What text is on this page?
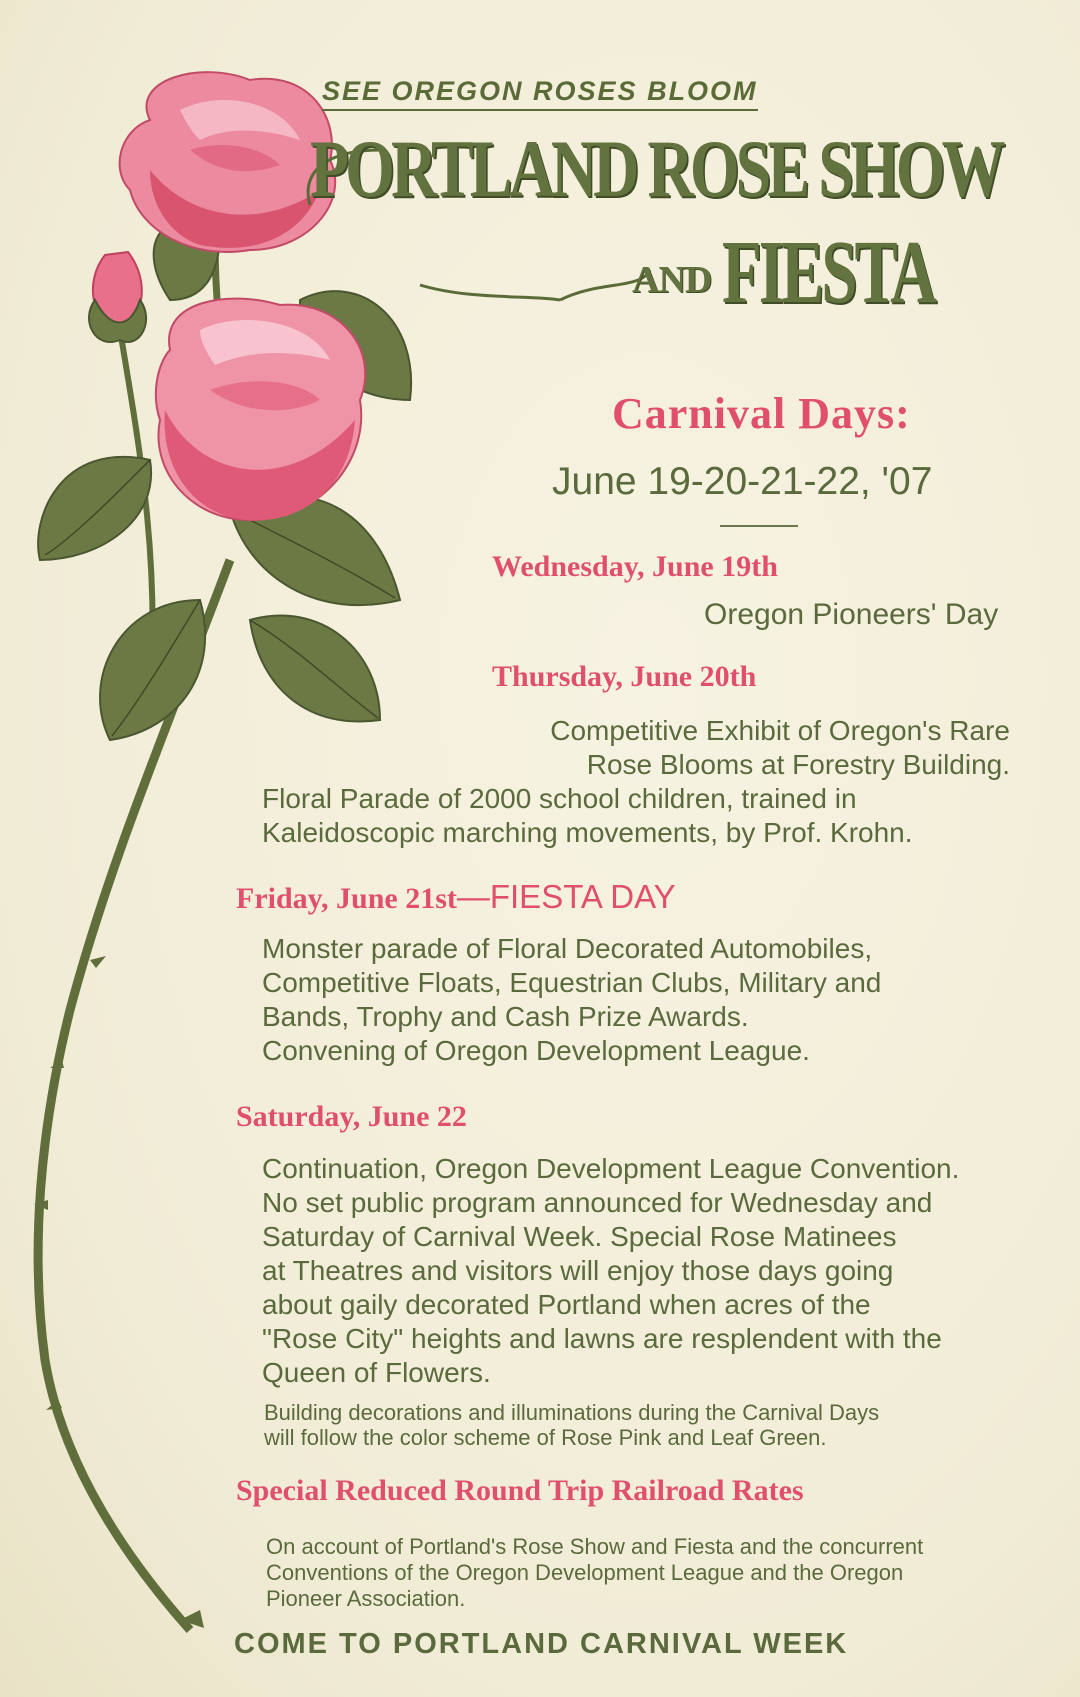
SEE OREGON ROSES BLOOM
PORTLAND ROSE SHOW
AND FIESTA
Carnival Days:
June 19-20-21-22, '07
Wednesday, June 19th
Oregon Pioneers' Day
Thursday, June 20th
Competitive Exhibit of Oregon's Rare
Rose Blooms at Forestry Building.
Floral Parade of 2000 school children, trained in
Kaleidoscopic marching movements, by Prof. Krohn.
Friday, June 21st—FIESTA DAY
Monster parade of Floral Decorated Automobiles,
Competitive Floats, Equestrian Clubs, Military and
Bands, Trophy and Cash Prize Awards.
Convening of Oregon Development League.
Saturday, June 22
Continuation, Oregon Development League Convention.
No set public program announced for Wednesday and
Saturday of Carnival Week. Special Rose Matinees
at Theatres and visitors will enjoy those days going
about gaily decorated Portland when acres of the
"Rose City" heights and lawns are resplendent with the
Queen of Flowers.
Building decorations and illuminations during the Carnival Days
will follow the color scheme of Rose Pink and Leaf Green.
Special Reduced Round Trip Railroad Rates
On account of Portland's Rose Show and Fiesta and the concurrent
Conventions of the Oregon Development League and the Oregon
Pioneer Association.
COME TO PORTLAND CARNIVAL WEEK
